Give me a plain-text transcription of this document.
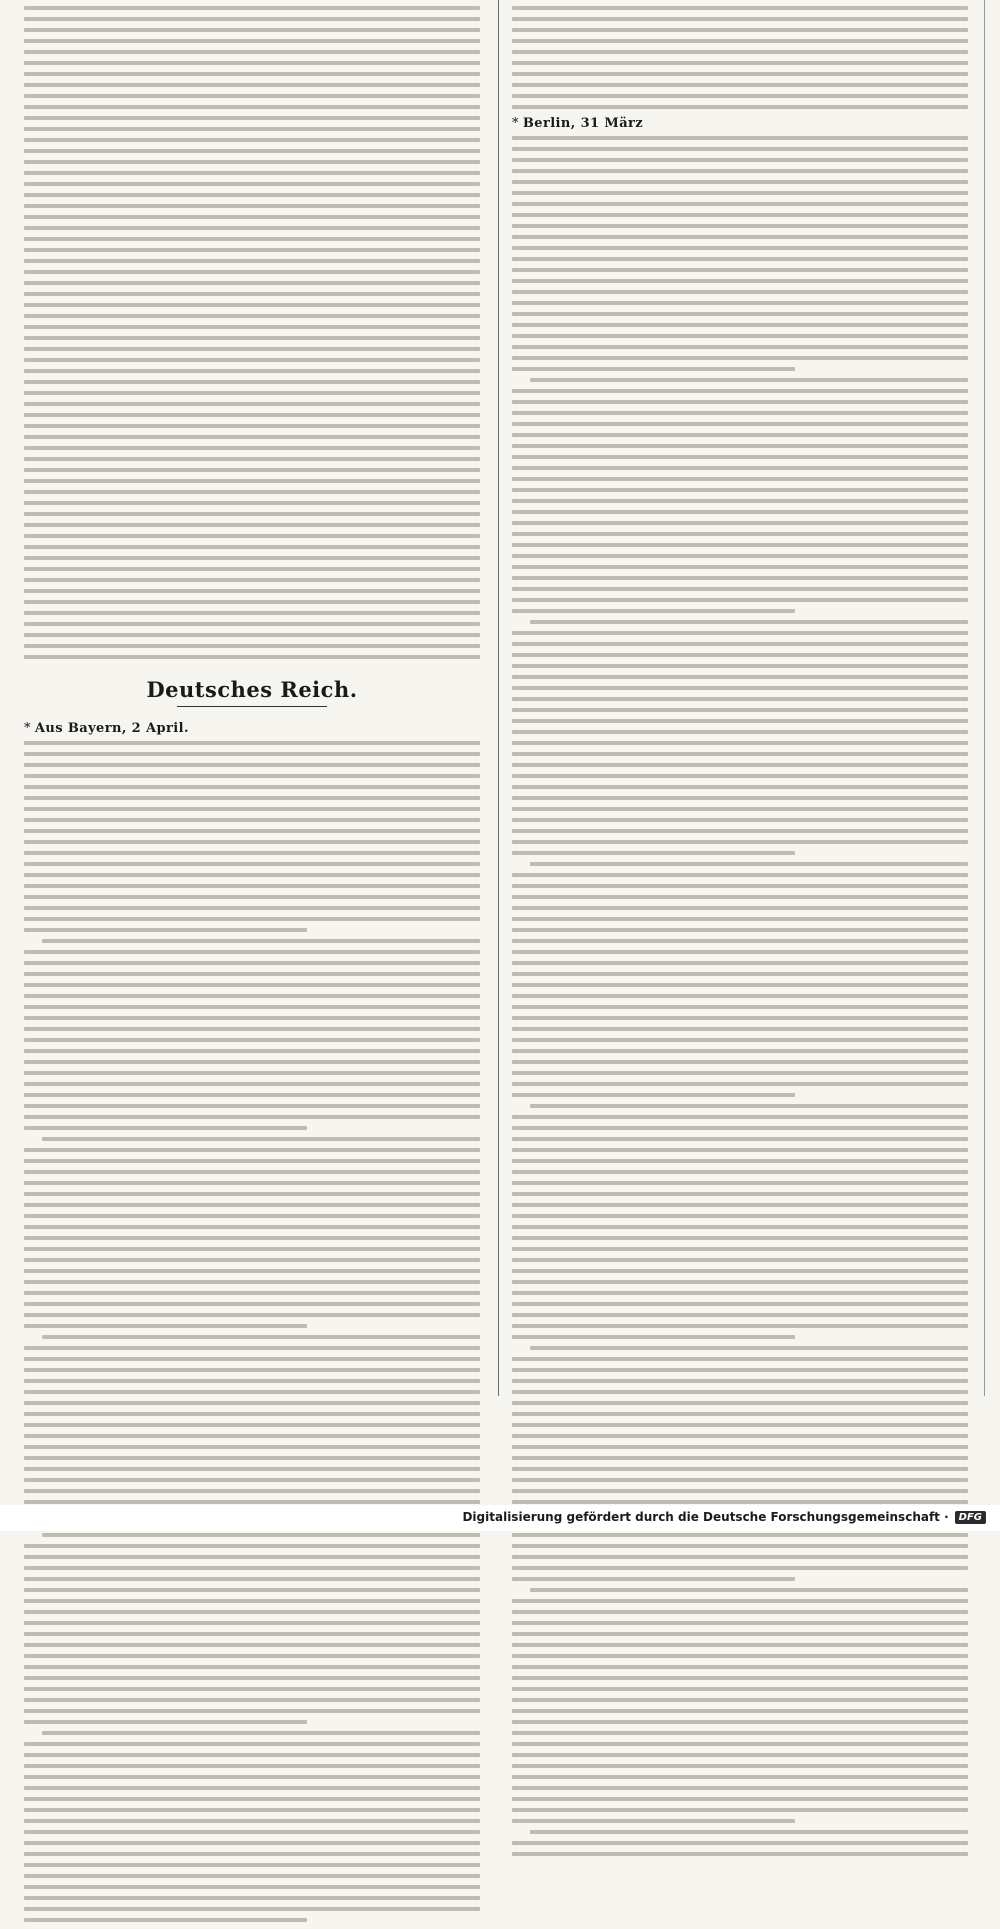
Deutsches Reich.
* Aus Bayern, 2 April.
* Berlin, 31 März
Digitalisierung gefördert durch die Deutsche Forschungsgemeinschaft · DFG
